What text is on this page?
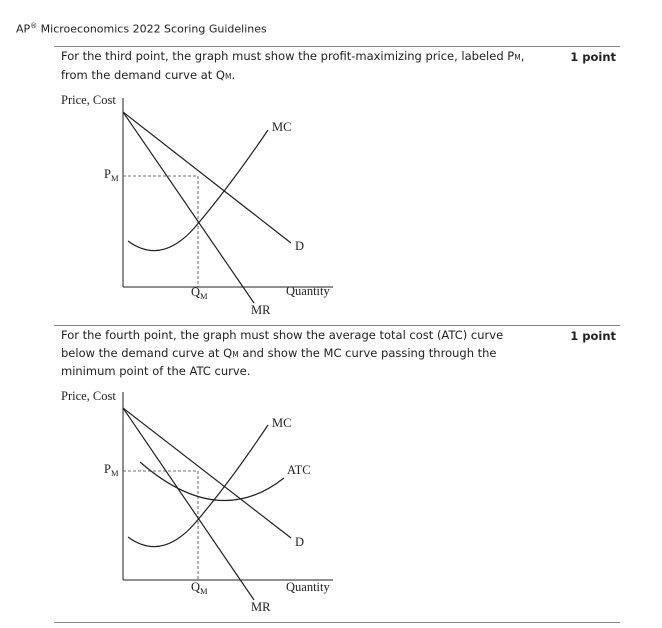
AP® Microeconomics 2022 Scoring Guidelines
For the third point, the graph must show the profit-maximizing price, labeled PM,
from the demand curve at QM.
1 point
Price, Cost
Quantity
MC
D
MR
$P_M$
$Q_M$
For the fourth point, the graph must show the average total cost (ATC) curve
below the demand curve at QM and show the MC curve passing through the
minimum point of the ATC curve.
1 point
Price, Cost
Quantity
MC
ATC
D
MR
$P_M$
$Q_M$
